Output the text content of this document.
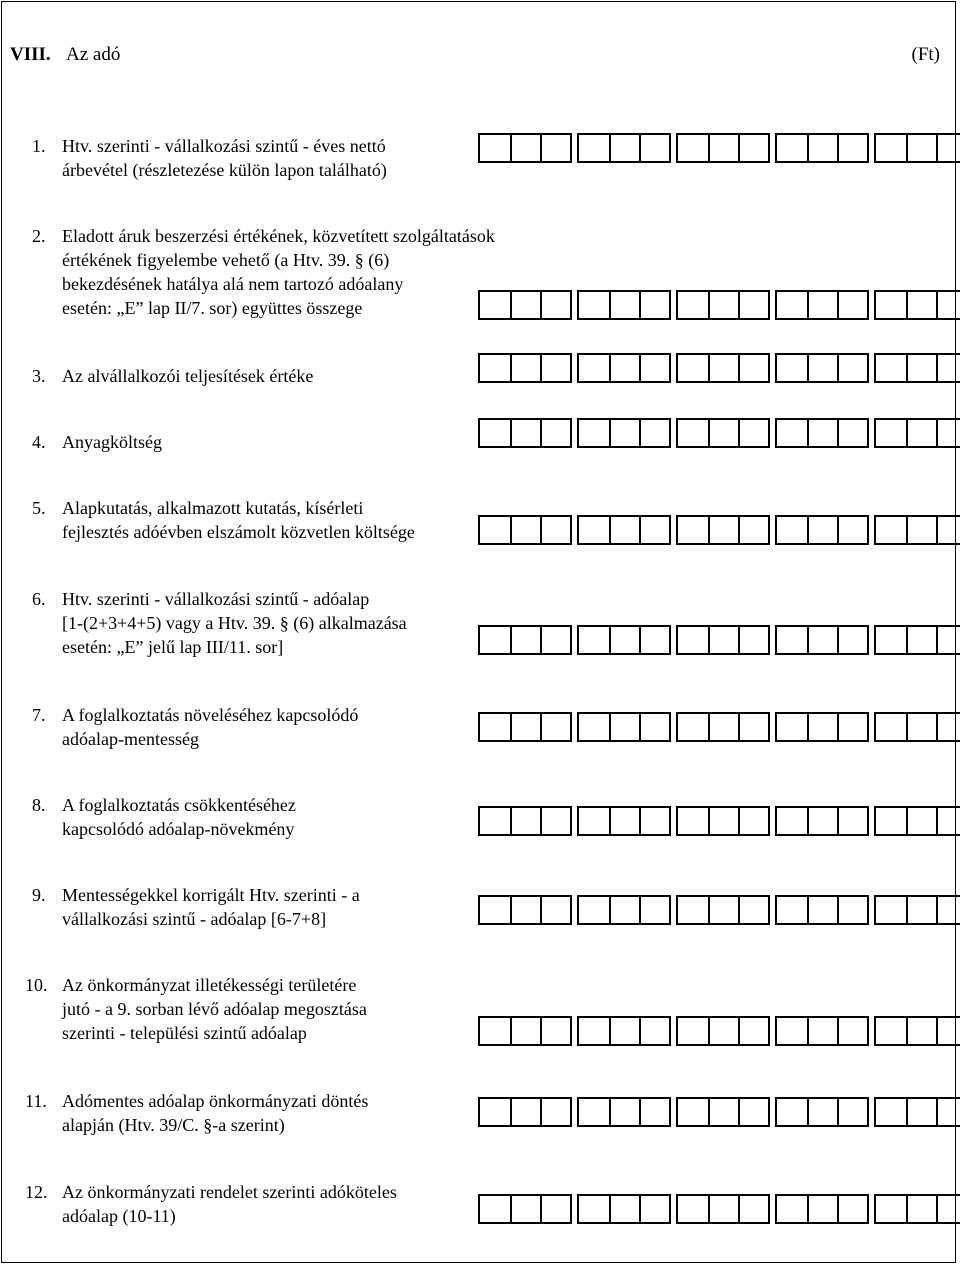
VIII. Az adó	(Ft)
1. Htv. szerinti - vállalkozási szintű - éves nettó
árbevétel (részletezése külön lapon található)
2. Eladott áruk beszerzési értékének, közvetített szolgáltatások
értékének figyelembe vehető (a Htv. 39. § (6)
bekezdésének hatálya alá nem tartozó adóalany
esetén: „E” lap II/7. sor) együttes összege
3. Az alvállalkozói teljesítések értéke
4. Anyagköltség
5. Alapkutatás, alkalmazott kutatás, kísérleti
fejlesztés adóévben elszámolt közvetlen költsége
6. Htv. szerinti - vállalkozási szintű - adóalap
[1-(2+3+4+5) vagy a Htv. 39. § (6) alkalmazása
esetén: „E” jelű lap III/11. sor]
7. A foglalkoztatás növeléséhez kapcsolódó
adóalap-mentesség
8. A foglalkoztatás csökkentéséhez
kapcsolódó adóalap-növekmény
9. Mentességekkel korrigált Htv. szerinti - a
vállalkozási szintű - adóalap [6-7+8]
10. Az önkormányzat illetékességi területére
jutó - a 9. sorban lévő adóalap megosztása
szerinti - települési szintű adóalap
11. Adómentes adóalap önkormányzati döntés
alapján (Htv. 39/C. §-a szerint)
12. Az önkormányzati rendelet szerinti adóköteles
adóalap (10-11)
